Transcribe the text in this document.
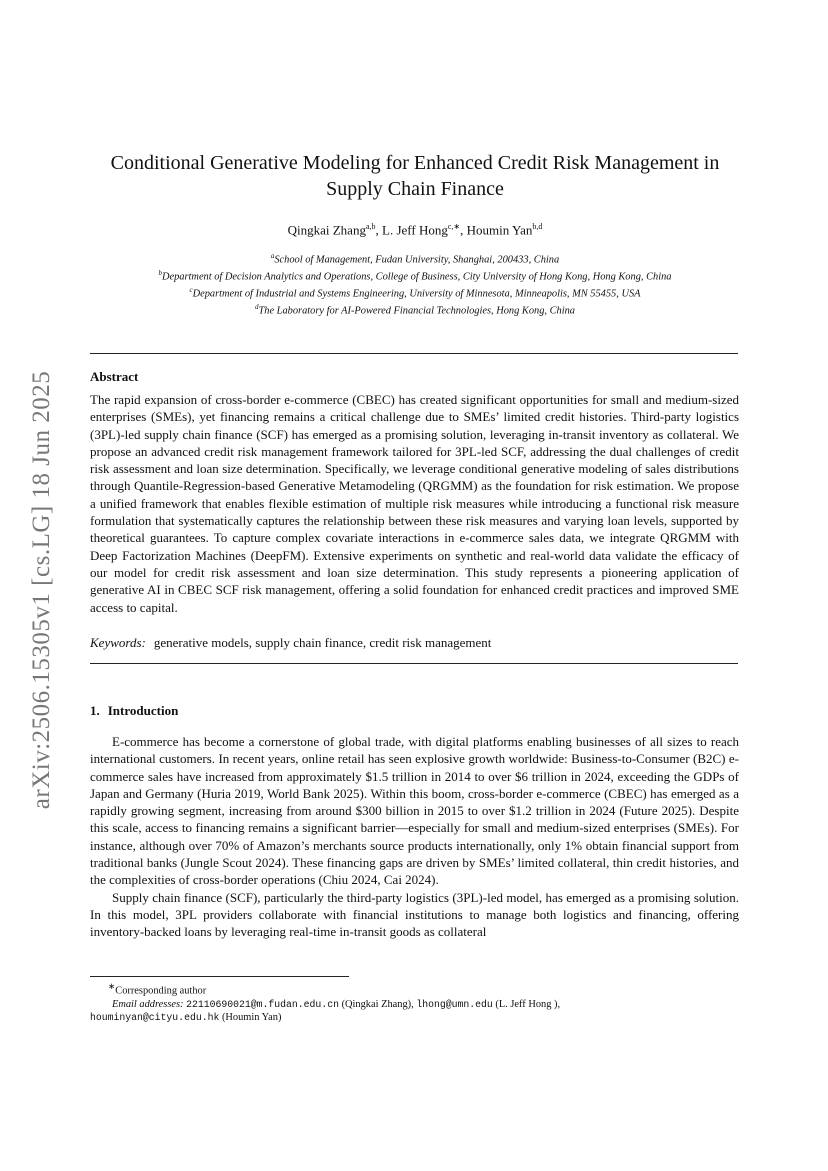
arXiv:2506.15305v1 [cs.LG] 18 Jun 2025
Conditional Generative Modeling for Enhanced Credit Risk Management in Supply Chain Finance
Qingkai Zhang$^{a,b}$, L. Jeff Hong$^{c,∗}$, Houmin Yan$^{b,d}$
$^a$School of Management, Fudan University, Shanghai, 200433, China
$^b$Department of Decision Analytics and Operations, College of Business, City University of Hong Kong, Hong Kong, China
$^c$Department of Industrial and Systems Engineering, University of Minnesota, Minneapolis, MN 55455, USA
$^d$The Laboratory for AI-Powered Financial Technologies, Hong Kong, China
Abstract

The rapid expansion of cross-border e-commerce (CBEC) has created significant opportunities for small and medium-sized enterprises (SMEs), yet financing remains a critical challenge due to SMEs’ limited credit histories. Third-party logistics (3PL)-led supply chain finance (SCF) has emerged as a promising solution, leveraging in-transit inventory as collateral. We propose an advanced credit risk management framework tailored for 3PL-led SCF, addressing the dual challenges of credit risk assessment and loan size determination. Specifically, we leverage conditional generative modeling of sales distributions through Quantile-Regression-based Generative Metamodeling (QRGMM) as the foundation for risk estimation. We propose a unified framework that enables flexible estimation of multiple risk measures while introducing a functional risk measure formulation that systematically captures the relationship between these risk measures and varying loan levels, supported by theoretical guarantees. To capture complex covariate interactions in e-commerce sales data, we integrate QRGMM with Deep Factorization Machines (DeepFM). Extensive experiments on synthetic and real-world data validate the efficacy of our model for credit risk assessment and loan size determination. This study represents a pioneering application of generative AI in CBEC SCF risk management, offering a solid foundation for enhanced credit practices and improved SME access to capital.

Keywords: generative models, supply chain finance, credit risk management
1. Introduction

E-commerce has become a cornerstone of global trade, with digital platforms enabling businesses of all sizes to reach international customers. In recent years, online retail has seen explosive growth worldwide: Business-to-Consumer (B2C) e-commerce sales have increased from approximately $1.5 trillion in 2014 to over $6 trillion in 2024, exceeding the GDPs of Japan and Germany (Huria 2019, World Bank 2025). Within this boom, cross-border e-commerce (CBEC) has emerged as a rapidly growing segment, increasing from around $300 billion in 2015 to over $1.2 trillion in 2024 (Future 2025). Despite this scale, access to financing remains a significant barrier—especially for small and medium-sized enterprises (SMEs). For instance, although over 70% of Amazon’s merchants source products internationally, only 1% obtain financial support from traditional banks (Jungle Scout 2024). These financing gaps are driven by SMEs’ limited collateral, thin credit histories, and the complexities of cross-border operations (Chiu 2024, Cai 2024).

Supply chain finance (SCF), particularly the third-party logistics (3PL)-led model, has emerged as a promising solution. In this model, 3PL providers collaborate with financial institutions to manage both logistics and financing, offering inventory-backed loans by leveraging real-time in-transit goods as collateral

∗Corresponding author

Email addresses: 22110690021@m.fudan.edu.cn (Qingkai Zhang), lhong@umn.edu (L. Jeff Hong ),

houminyan@cityu.edu.hk (Houmin Yan)
